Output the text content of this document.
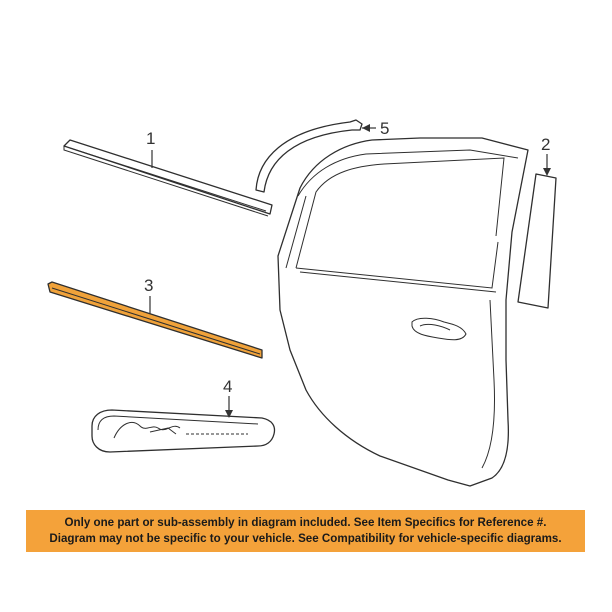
1
5
2
3
4
Only one part or sub-assembly in diagram included. See Item Specifics for Reference #.
Diagram may not be specific to your vehicle. See Compatibility for vehicle-specific diagrams.
